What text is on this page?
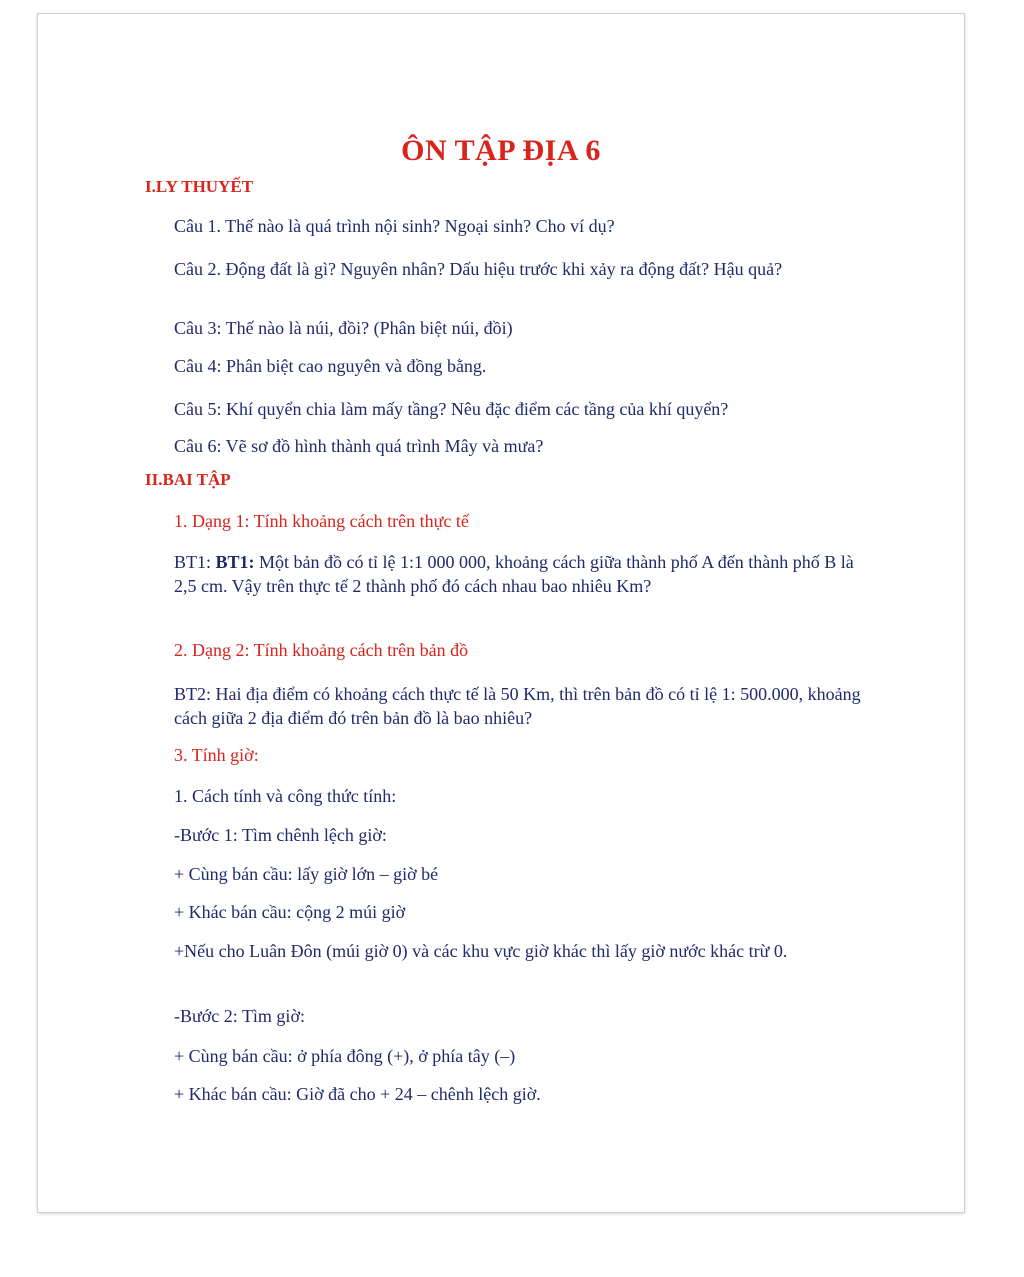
ÔN TẬP ĐỊA 6
I.LY THUYẾT
Câu 1. Thế nào là quá trình nội sinh? Ngoại sinh? Cho ví dụ?
Câu 2. Động đất là gì? Nguyên nhân? Dấu hiệu trước khi xảy ra động đất? Hậu quả?
Câu 3: Thế nào là núi, đồi? (Phân biệt núi, đồi)
Câu 4: Phân biệt cao nguyên và đồng bằng.
Câu 5: Khí quyển chia làm mấy tầng? Nêu đặc điểm các tầng của khí quyển?
Câu 6: Vẽ sơ đồ hình thành quá trình Mây và mưa?
II.BAI TẬP
1. Dạng 1: Tính khoảng cách trên thực tế
BT1: BT1: Một bản đồ có tỉ lệ 1:1 000 000, khoảng cách giữa thành phố A đến thành phố B là 2,5 cm. Vậy trên thực tế 2 thành phố đó cách nhau bao nhiêu Km?
2. Dạng 2: Tính khoảng cách trên bản đồ
BT2: Hai địa điểm có khoảng cách thực tế là 50 Km, thì trên bản đồ có tỉ lệ 1: 500.000, khoảng cách giữa 2 địa điểm đó trên bản đồ là bao nhiêu?
3. Tính giờ:
1. Cách tính và công thức tính:
-Bước 1: Tìm chênh lệch giờ:
+ Cùng bán cầu: lấy giờ lớn – giờ bé
+ Khác bán cầu: cộng 2 múi giờ
+Nếu cho Luân Đôn (múi giờ 0) và các khu vực giờ khác thì lấy giờ nước khác trừ 0.
-Bước 2: Tìm giờ:
+ Cùng bán cầu: ở phía đông (+), ở phía tây (–)
+ Khác bán cầu: Giờ đã cho + 24 – chênh lệch giờ.
